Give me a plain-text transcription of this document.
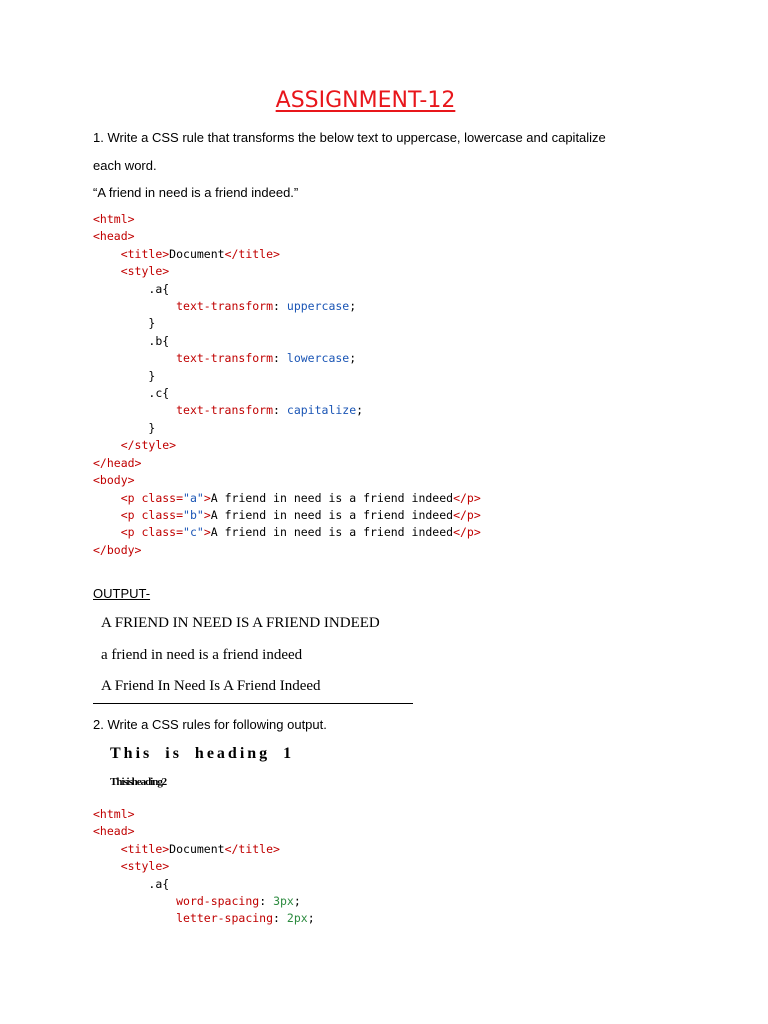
ASSIGNMENT-12
1. Write a CSS rule that transforms the below text to uppercase, lowercase and capitalize
each word.
“A friend in need is a friend indeed.”
<html>
<head>
<title>Document</title>
<style>
.a{
text-transform: uppercase;
}
.b{
text-transform: lowercase;
}
.c{
text-transform: capitalize;
}
</style>
</head>
<body>
<p class="a">A friend in need is a friend indeed</p>
<p class="b">A friend in need is a friend indeed</p>
<p class="c">A friend in need is a friend indeed</p>
</body>
OUTPUT-
A FRIEND IN NEED IS A FRIEND INDEED
a friend in need is a friend indeed
A Friend In Need Is A Friend Indeed
2. Write a CSS rules for following output.
This is heading 1
This is heading 2
<html>
<head>
<title>Document</title>
<style>
.a{
word-spacing: 3px;
letter-spacing: 2px;
